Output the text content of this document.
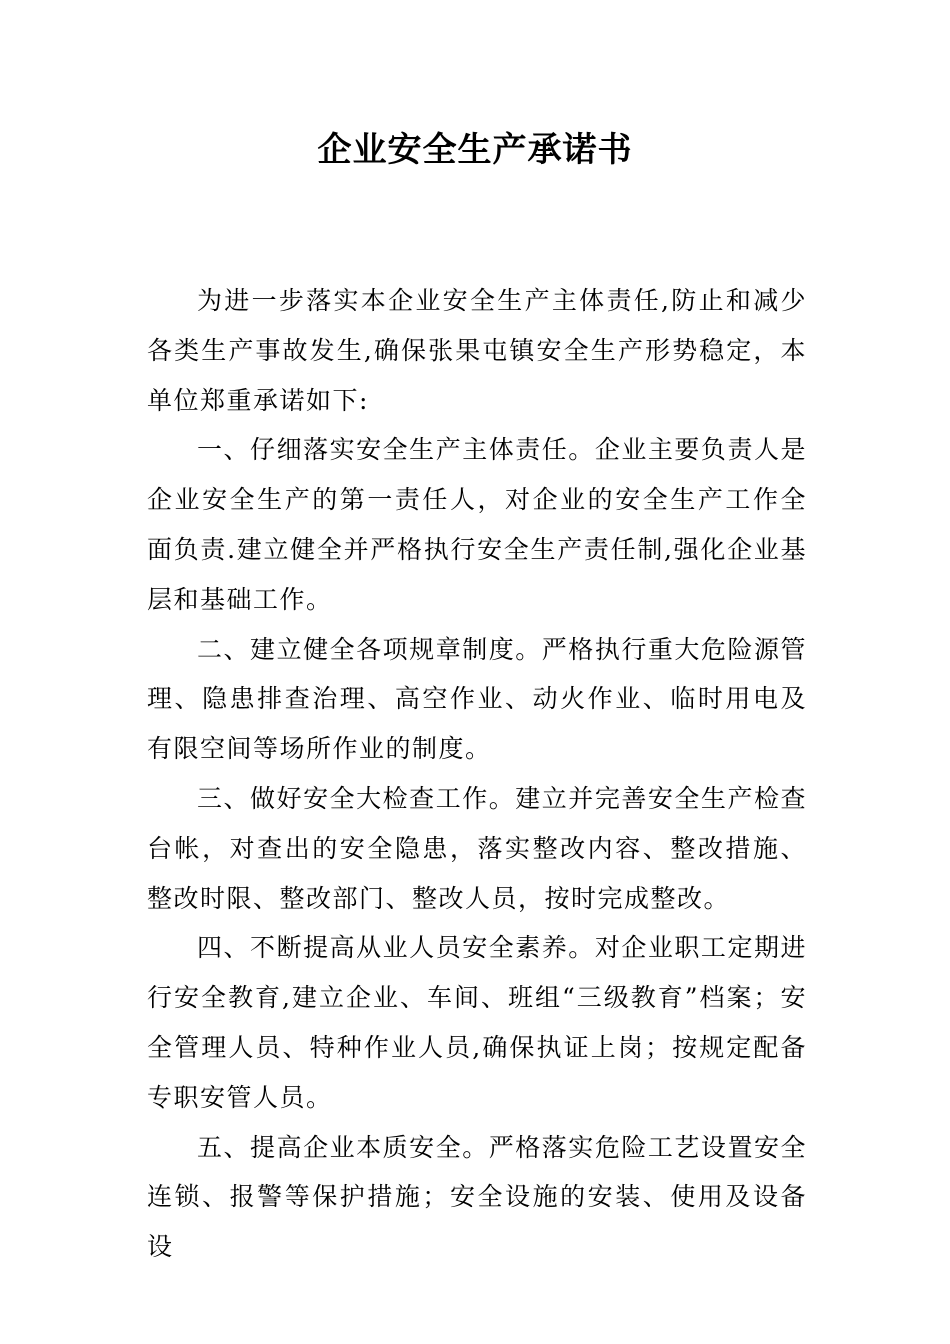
企业安全生产承诺书

为进一步落实本企业安全生产主体责任,防止和减少各类生产事故发生,确保张果屯镇安全生产形势稳定，本单位郑重承诺如下:

一、仔细落实安全生产主体责任。企业主要负责人是企业安全生产的第一责任人，对企业的安全生产工作全面负责.建立健全并严格执行安全生产责任制,强化企业基层和基础工作。

二、建立健全各项规章制度。严格执行重大危险源管理、隐患排查治理、高空作业、动火作业、临时用电及有限空间等场所作业的制度。

三、做好安全大检查工作。建立并完善安全生产检查台帐，对查出的安全隐患，落实整改内容、整改措施、整改时限、整改部门、整改人员，按时完成整改。

四、不断提高从业人员安全素养。对企业职工定期进行安全教育,建立企业、车间、班组“三级教育”档案；安全管理人员、特种作业人员,确保执证上岗；按规定配备专职安管人员。

五、提高企业本质安全。严格落实危险工艺设置安全连锁、报警等保护措施；安全设施的安装、使用及设备设
